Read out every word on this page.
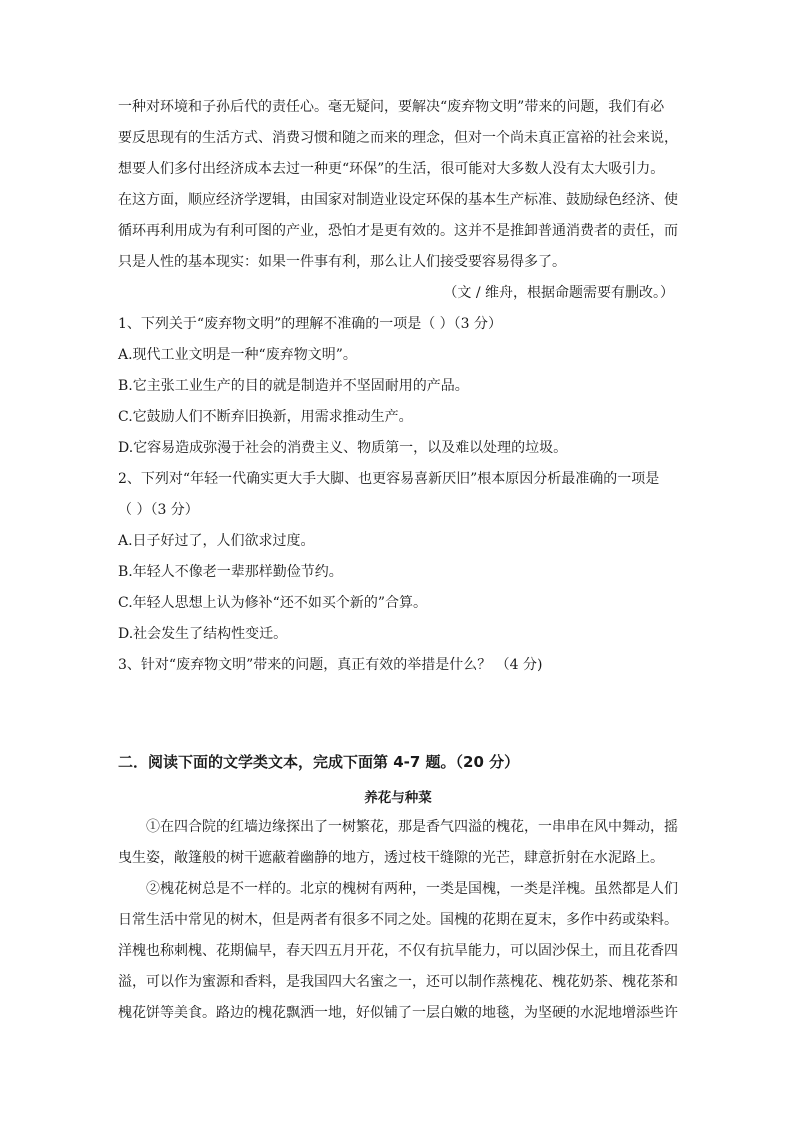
一种对环境和子孙后代的责任心。毫无疑问，要解决“废弃物文明”带来的问题，我们有必

要反思现有的生活方式、消费习惯和随之而来的理念，但对一个尚未真正富裕的社会来说，

想要人们多付出经济成本去过一种更“环保”的生活，很可能对大多数人没有太大吸引力。

在这方面，顺应经济学逻辑，由国家对制造业设定环保的基本生产标准、鼓励绿色经济、使

循环再利用成为有利可图的产业，恐怕才是更有效的。这并不是推卸普通消费者的责任，而

只是人性的基本现实：如果一件事有利，那么让人们接受要容易得多了。

（文 / 维舟，根据命题需要有删改。）

1、下列关于“废弃物文明”的理解不准确的一项是（ ）（3 分）

A.现代工业文明是一种“废弃物文明”。

B.它主张工业生产的目的就是制造并不坚固耐用的产品。

C.它鼓励人们不断弃旧换新，用需求推动生产。

D.它容易造成弥漫于社会的消费主义、物质第一，以及难以处理的垃圾。

2、下列对“年轻一代确实更大手大脚、也更容易喜新厌旧”根本原因分析最准确的一项是

（ ）（3 分）

A.日子好过了，人们欲求过度。

B.年轻人不像老一辈那样勤俭节约。

C.年轻人思想上认为修补“还不如买个新的”合算。

D.社会发生了结构性变迁。

3、针对“废弃物文明”带来的问题，真正有效的举措是什么？ （4 分)

二．阅读下面的文学类文本，完成下面第 4-7 题。（20 分）

养花与种菜

①在四合院的红墙边缘探出了一树繁花，那是香气四溢的槐花，一串串在风中舞动，摇曳生姿，敞篷般的树干遮蔽着幽静的地方，透过枝干缝隙的光芒，肆意折射在水泥路上。

②槐花树总是不一样的。北京的槐树有两种，一类是国槐，一类是洋槐。虽然都是人们日常生活中常见的树木，但是两者有很多不同之处。国槐的花期在夏末，多作中药或染料。洋槐也称刺槐、花期偏早，春天四五月开花，不仅有抗旱能力，可以固沙保土，而且花香四溢，可以作为蜜源和香料，是我国四大名蜜之一，还可以制作蒸槐花、槐花奶茶、槐花茶和槐花饼等美食。路边的槐花飘洒一地，好似铺了一层白嫩的地毯，为坚硬的水泥地增添些许
